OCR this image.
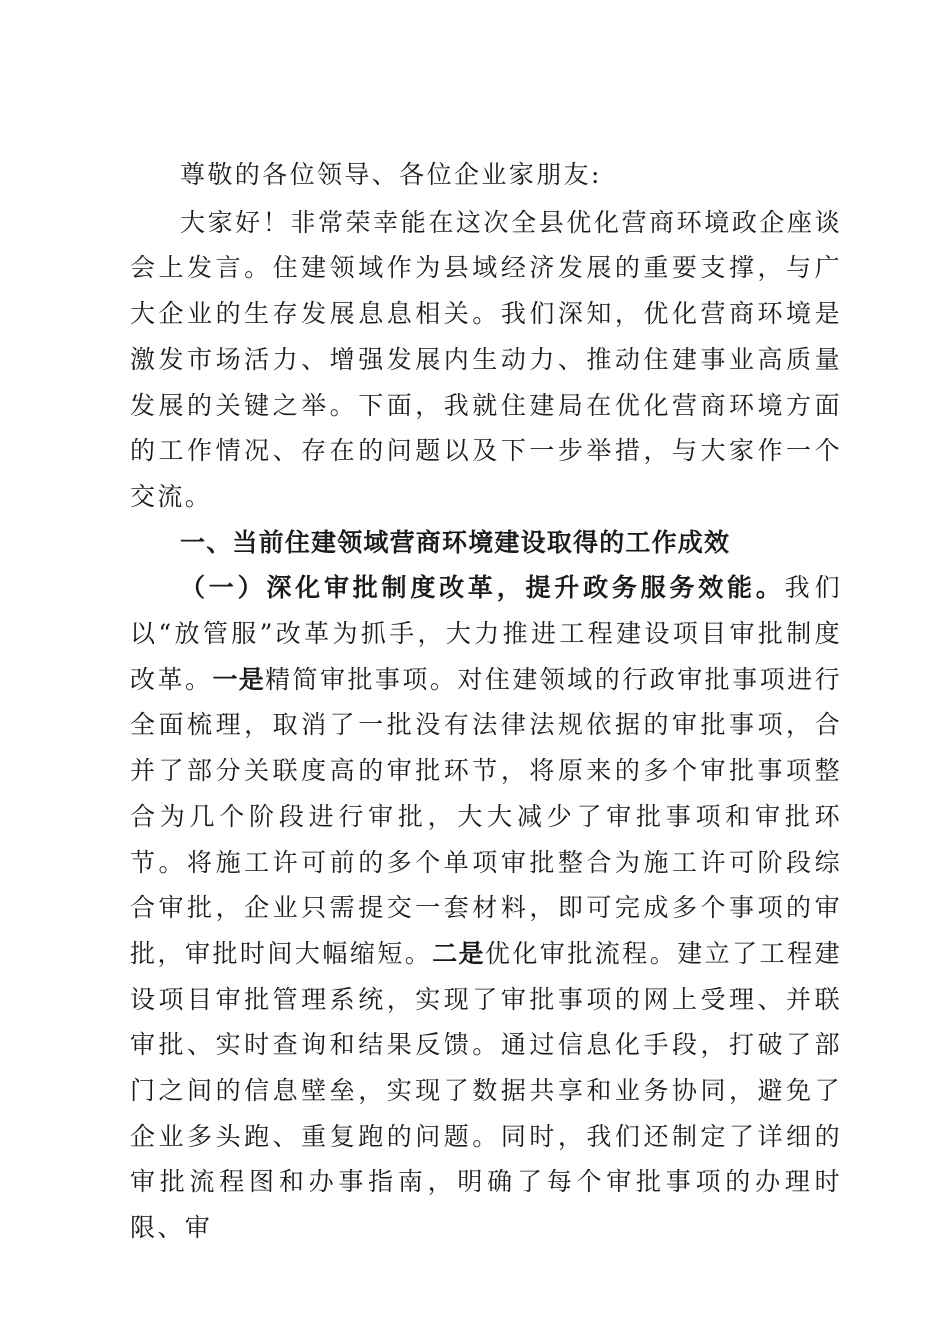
尊敬的各位领导、各位企业家朋友:

大家好！非常荣幸能在这次全县优化营商环境政企座谈会上发言。住建领域作为县域经济发展的重要支撑，与广大企业的生存发展息息相关。我们深知，优化营商环境是激发市场活力、增强发展内生动力、推动住建事业高质量发展的关键之举。下面，我就住建局在优化营商环境方面的工作情况、存在的问题以及下一步举措，与大家作一个交流。

一、当前住建领域营商环境建设取得的工作成效

（一）深化审批制度改革，提升政务服务效能。我们以“放管服”改革为抓手，大力推进工程建设项目审批制度改革。一是精简审批事项。对住建领域的行政审批事项进行全面梳理，取消了一批没有法律法规依据的审批事项，合并了部分关联度高的审批环节，将原来的多个审批事项整合为几个阶段进行审批，大大减少了审批事项和审批环节。将施工许可前的多个单项审批整合为施工许可阶段综合审批，企业只需提交一套材料，即可完成多个事项的审批，审批时间大幅缩短。二是优化审批流程。建立了工程建设项目审批管理系统，实现了审批事项的网上受理、并联审批、实时查询和结果反馈。通过信息化手段，打破了部门之间的信息壁垒，实现了数据共享和业务协同，避免了企业多头跑、重复跑的问题。同时，我们还制定了详细的审批流程图和办事指南，明确了每个审批事项的办理时限、审
